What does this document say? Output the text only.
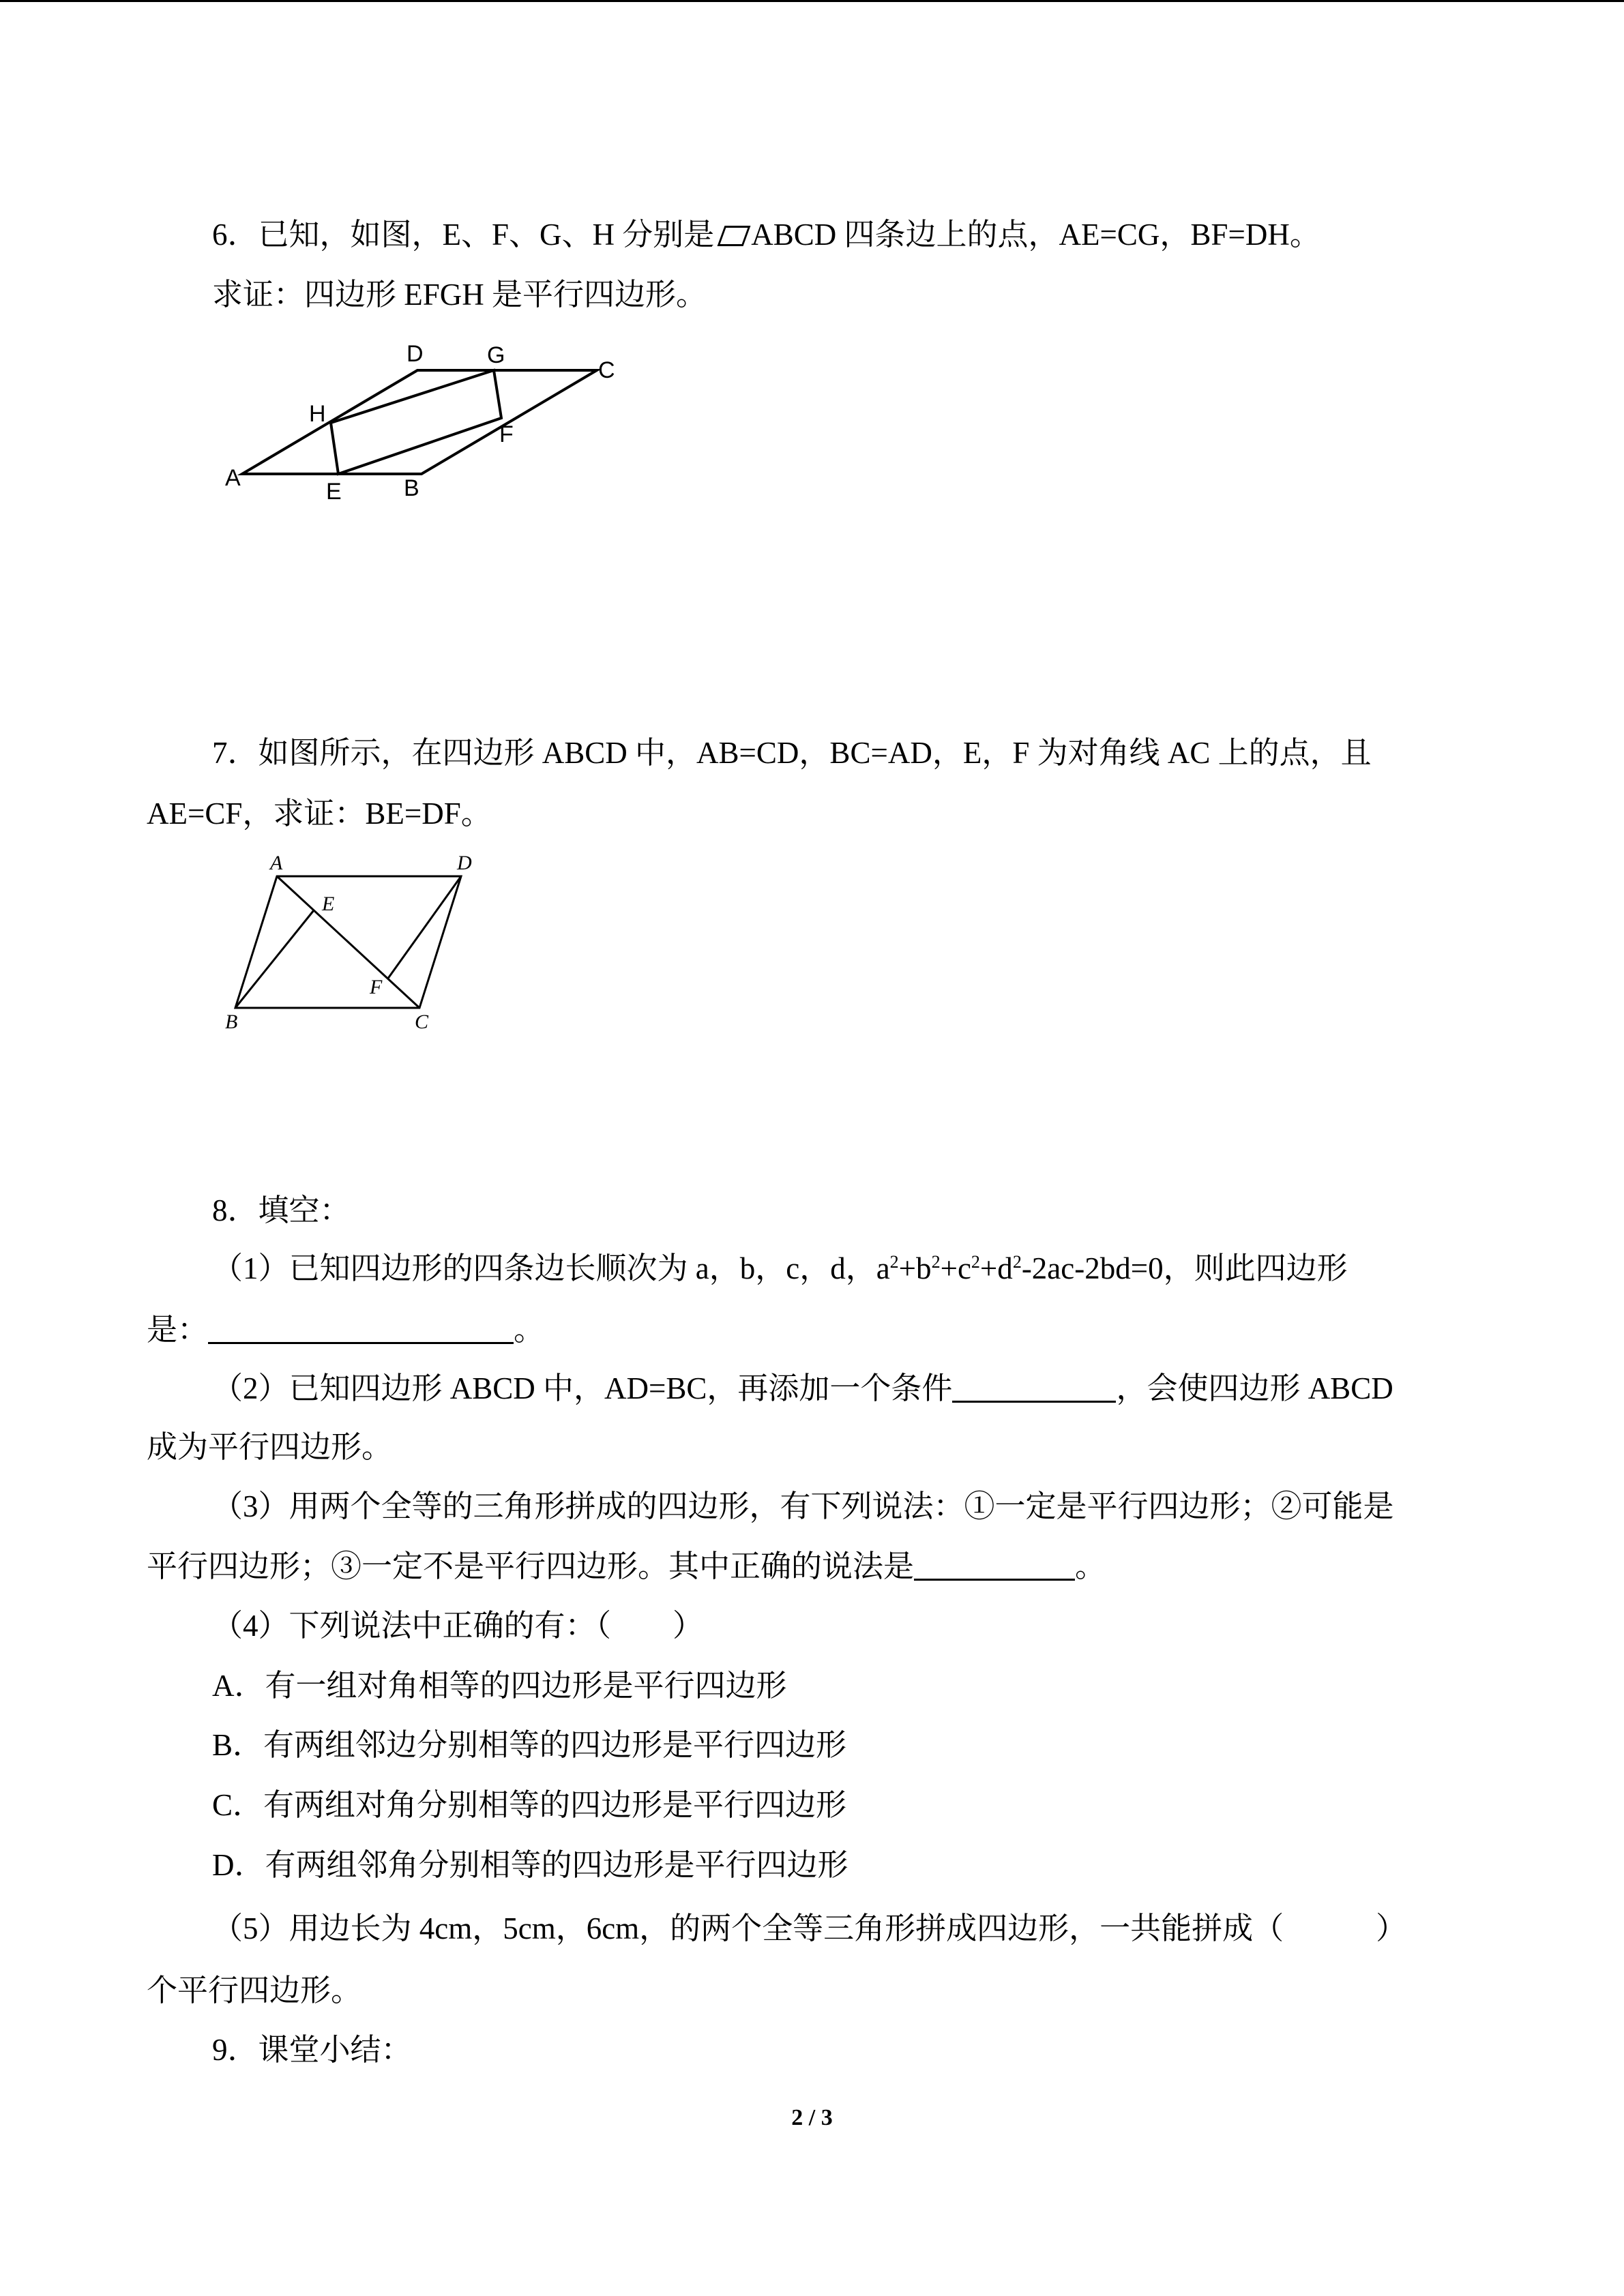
6．已知，如图，E、F、G、H 分别是 ABCD 四条边上的点，AE=CG，BF=DH。
求证：四边形 EFGH 是平行四边形。
A
E	B
H
F
D	G
C
7．如图所示，在四边形 ABCD 中，AB=CD，BC=AD，E，F 为对角线 AC 上的点，且
AE=CF，求证：BE=DF。
A	D
E
F
B	C
8．填空：
（1）已知四边形的四条边长顺次为 a，b，c，d，$a^2+b^2+c^2+d^2-2ac-2bd=0$，则此四边形
是：	。
（2）已知四边形 ABCD 中，AD=BC，再添加一个条件	，会使四边形 ABCD
成为平行四边形。
（3）用两个全等的三角形拼成的四边形，有下列说法：①一定是平行四边形；②可能是
平行四边形；③一定不是平行四边形。其中正确的说法是	。
（4）下列说法中正确的有：（　　）
A．有一组对角相等的四边形是平行四边形
B．有两组邻边分别相等的四边形是平行四边形
C．有两组对角分别相等的四边形是平行四边形
D．有两组邻角分别相等的四边形是平行四边形
（5）用边长为 4cm，5cm，6cm，的两个全等三角形拼成四边形，一共能拼成（　　　）
个平行四边形。
9．课堂小结：
2 / 3
